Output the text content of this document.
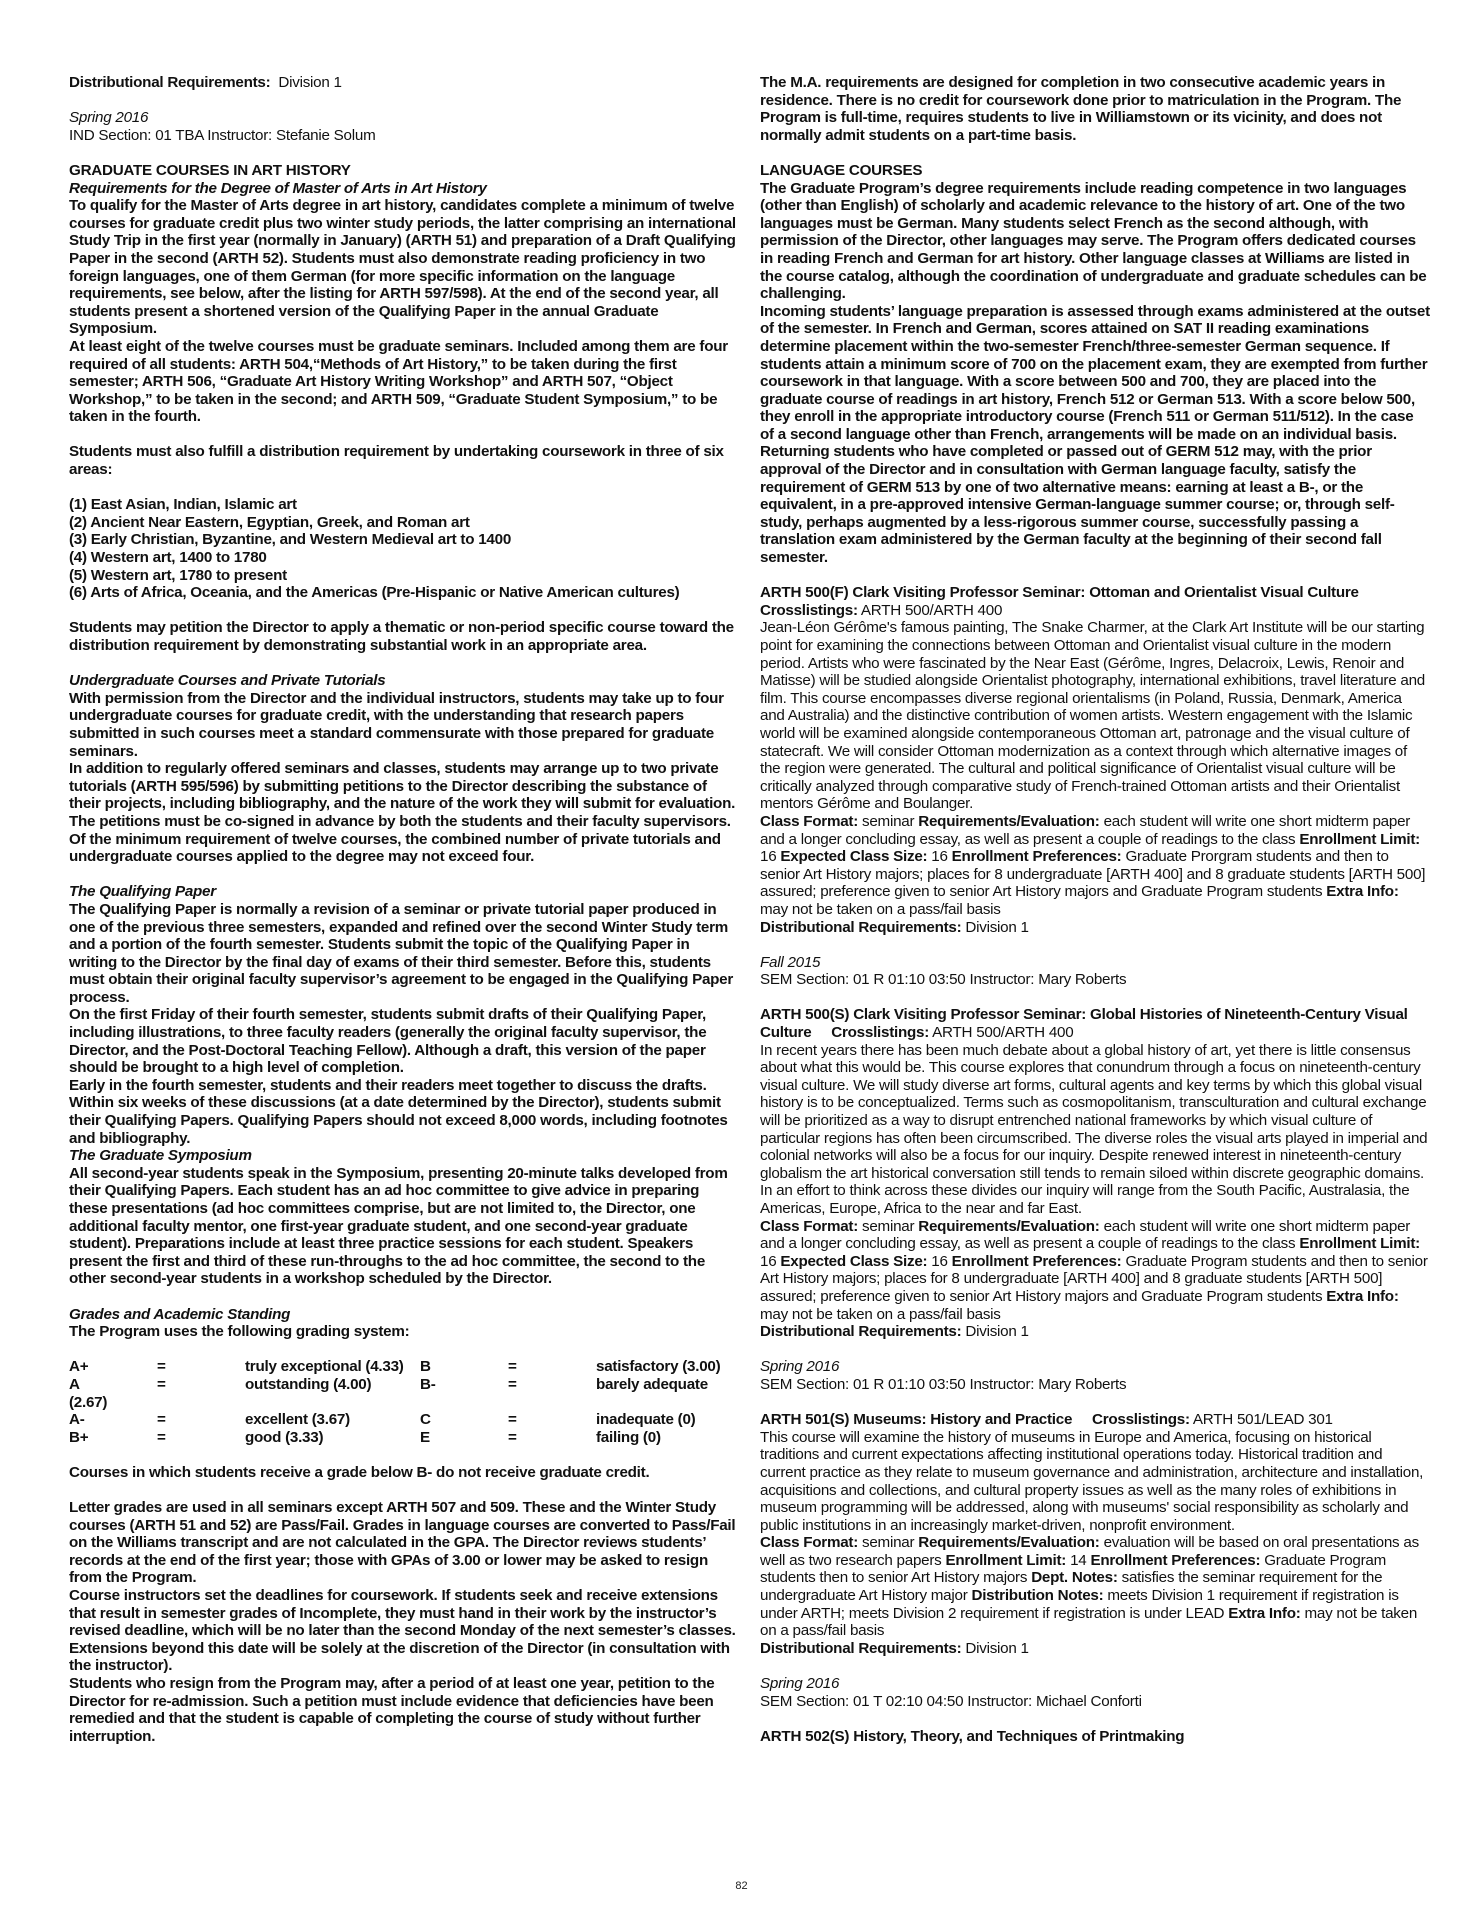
Distributional Requirements: Division 1

Spring 2016

IND Section: 01 TBA Instructor: Stefanie Solum

GRADUATE COURSES IN ART HISTORY

Requirements for the Degree of Master of Arts in Art History

To qualify for the Master of Arts degree in art history, candidates complete a minimum of twelve courses for graduate credit plus two winter study periods, the latter comprising an international Study Trip in the first year (normally in January) (ARTH 51) and preparation of a Draft Qualifying Paper in the second (ARTH 52). Students must also demonstrate reading proficiency in two foreign languages, one of them German (for more specific information on the language requirements, see below, after the listing for ARTH 597/598). At the end of the second year, all students present a shortened version of the Qualifying Paper in the annual Graduate Symposium.

At least eight of the twelve courses must be graduate seminars. Included among them are four required of all students: ARTH 504,“Methods of Art History,” to be taken during the first semester; ARTH 506, “Graduate Art History Writing Workshop” and ARTH 507, “Object Workshop,” to be taken in the second; and ARTH 509, “Graduate Student Symposium,” to be taken in the fourth.

Students must also fulfill a distribution requirement by undertaking coursework in three of six areas:

(1) East Asian, Indian, Islamic art

(2) Ancient Near Eastern, Egyptian, Greek, and Roman art

(3) Early Christian, Byzantine, and Western Medieval art to 1400

(4) Western art, 1400 to 1780

(5) Western art, 1780 to present

(6) Arts of Africa, Oceania, and the Americas (Pre-Hispanic or Native American cultures)

Students may petition the Director to apply a thematic or non-period specific course toward the distribution requirement by demonstrating substantial work in an appropriate area.

Undergraduate Courses and Private Tutorials

With permission from the Director and the individual instructors, students may take up to four undergraduate courses for graduate credit, with the understanding that research papers submitted in such courses meet a standard commensurate with those prepared for graduate seminars.

In addition to regularly offered seminars and classes, students may arrange up to two private tutorials (ARTH 595/596) by submitting petitions to the Director describing the substance of their projects, including bibliography, and the nature of the work they will submit for evaluation. The petitions must be co-signed in advance by both the students and their faculty supervisors.

Of the minimum requirement of twelve courses, the combined number of private tutorials and undergraduate courses applied to the degree may not exceed four.

The Qualifying Paper

The Qualifying Paper is normally a revision of a seminar or private tutorial paper produced in one of the previous three semesters, expanded and refined over the second Winter Study term and a portion of the fourth semester. Students submit the topic of the Qualifying Paper in writing to the Director by the final day of exams of their third semester. Before this, students must obtain their original faculty supervisor’s agreement to be engaged in the Qualifying Paper process.

On the first Friday of their fourth semester, students submit drafts of their Qualifying Paper, including illustrations, to three faculty readers (generally the original faculty supervisor, the Director, and the Post-Doctoral Teaching Fellow). Although a draft, this version of the paper should be brought to a high level of completion.

Early in the fourth semester, students and their readers meet together to discuss the drafts. Within six weeks of these discussions (at a date determined by the Director), students submit their Qualifying Papers. Qualifying Papers should not exceed 8,000 words, including footnotes and bibliography.

The Graduate Symposium

All second-year students speak in the Symposium, presenting 20-minute talks developed from their Qualifying Papers. Each student has an ad hoc committee to give advice in preparing these presentations (ad hoc committees comprise, but are not limited to, the Director, one additional faculty mentor, one first-year graduate student, and one second-year graduate student). Preparations include at least three practice sessions for each student. Speakers present the first and third of these run-throughs to the ad hoc committee, the second to the other second-year students in a workshop scheduled by the Director.

Grades and Academic Standing

The Program uses the following grading system:

A+	=	truly exceptional (4.33)	B	=	satisfactory (3.00)
A	=	outstanding (4.00)	B-	=	barely adequate
(2.67)
A-	=	excellent (3.67)	C	=	inadequate (0)
B+	=	good (3.33)	E	=	failing (0)

Courses in which students receive a grade below B- do not receive graduate credit.

Letter grades are used in all seminars except ARTH 507 and 509. These and the Winter Study courses (ARTH 51 and 52) are Pass/Fail. Grades in language courses are converted to Pass/Fail on the Williams transcript and are not calculated in the GPA. The Director reviews students’ records at the end of the first year; those with GPAs of 3.00 or lower may be asked to resign from the Program.

Course instructors set the deadlines for coursework. If students seek and receive extensions that result in semester grades of Incomplete, they must hand in their work by the instructor’s revised deadline, which will be no later than the second Monday of the next semester’s classes. Extensions beyond this date will be solely at the discretion of the Director (in consultation with the instructor).

Students who resign from the Program may, after a period of at least one year, petition to the Director for re-admission. Such a petition must include evidence that deficiencies have been remedied and that the student is capable of completing the course of study without further interruption.

The M.A. requirements are designed for completion in two consecutive academic years in residence. There is no credit for coursework done prior to matriculation in the Program. The Program is full-time, requires students to live in Williamstown or its vicinity, and does not normally admit students on a part-time basis.

LANGUAGE COURSES

The Graduate Program’s degree requirements include reading competence in two languages (other than English) of scholarly and academic relevance to the history of art. One of the two languages must be German. Many students select French as the second although, with permission of the Director, other languages may serve. The Program offers dedicated courses in reading French and German for art history. Other language classes at Williams are listed in the course catalog, although the coordination of undergraduate and graduate schedules can be challenging.

Incoming students’ language preparation is assessed through exams administered at the outset of the semester. In French and German, scores attained on SAT II reading examinations determine placement within the two-semester French/three-semester German sequence. If students attain a minimum score of 700 on the placement exam, they are exempted from further coursework in that language. With a score between 500 and 700, they are placed into the graduate course of readings in art history, French 512 or German 513. With a score below 500, they enroll in the appropriate introductory course (French 511 or German 511/512). In the case of a second language other than French, arrangements will be made on an individual basis.

Returning students who have completed or passed out of GERM 512 may, with the prior approval of the Director and in consultation with German language faculty, satisfy the requirement of GERM 513 by one of two alternative means: earning at least a B-, or the equivalent, in a pre-approved intensive German-language summer course; or, through self-study, perhaps augmented by a less-rigorous summer course, successfully passing a translation exam administered by the German faculty at the beginning of their second fall semester.

ARTH 500(F) Clark Visiting Professor Seminar: Ottoman and Orientalist Visual Culture

Crosslistings: ARTH 500/ARTH 400

Jean-Léon Gérôme's famous painting, The Snake Charmer, at the Clark Art Institute will be our starting point for examining the connections between Ottoman and Orientalist visual culture in the modern period. Artists who were fascinated by the Near East (Gérôme, Ingres, Delacroix, Lewis, Renoir and Matisse) will be studied alongside Orientalist photography, international exhibitions, travel literature and film. This course encompasses diverse regional orientalisms (in Poland, Russia, Denmark, America and Australia) and the distinctive contribution of women artists. Western engagement with the Islamic world will be examined alongside contemporaneous Ottoman art, patronage and the visual culture of statecraft. We will consider Ottoman modernization as a context through which alternative images of the region were generated. The cultural and political significance of Orientalist visual culture will be critically analyzed through comparative study of French-trained Ottoman artists and their Orientalist mentors Gérôme and Boulanger.

Class Format: seminar Requirements/Evaluation: each student will write one short midterm paper and a longer concluding essay, as well as present a couple of readings to the class Enrollment Limit: 16 Expected Class Size: 16 Enrollment Preferences: Graduate Prorgram students and then to senior Art History majors; places for 8 undergraduate [ARTH 400] and 8 graduate students [ARTH 500] assured; preference given to senior Art History majors and Graduate Program students Extra Info: may not be taken on a pass/fail basis

Distributional Requirements: Division 1

Fall 2015

SEM Section: 01 R 01:10 03:50 Instructor: Mary Roberts

ARTH 500(S) Clark Visiting Professor Seminar: Global Histories of Nineteenth-Century Visual Culture Crosslistings: ARTH 500/ARTH 400

In recent years there has been much debate about a global history of art, yet there is little consensus about what this would be. This course explores that conundrum through a focus on nineteenth-century visual culture. We will study diverse art forms, cultural agents and key terms by which this global visual history is to be conceptualized. Terms such as cosmopolitanism, transculturation and cultural exchange will be prioritized as a way to disrupt entrenched national frameworks by which visual culture of particular regions has often been circumscribed. The diverse roles the visual arts played in imperial and colonial networks will also be a focus for our inquiry. Despite renewed interest in nineteenth-century globalism the art historical conversation still tends to remain siloed within discrete geographic domains. In an effort to think across these divides our inquiry will range from the South Pacific, Australasia, the Americas, Europe, Africa to the near and far East.

Class Format: seminar Requirements/Evaluation: each student will write one short midterm paper and a longer concluding essay, as well as present a couple of readings to the class Enrollment Limit: 16 Expected Class Size: 16 Enrollment Preferences: Graduate Program students and then to senior Art History majors; places for 8 undergraduate [ARTH 400] and 8 graduate students [ARTH 500] assured; preference given to senior Art History majors and Graduate Program students Extra Info: may not be taken on a pass/fail basis

Distributional Requirements: Division 1

Spring 2016

SEM Section: 01 R 01:10 03:50 Instructor: Mary Roberts

ARTH 501(S) Museums: History and Practice     Crosslistings: ARTH 501/LEAD 301

This course will examine the history of museums in Europe and America, focusing on historical traditions and current expectations affecting institutional operations today. Historical tradition and current practice as they relate to museum governance and administration, architecture and installation, acquisitions and collections, and cultural property issues as well as the many roles of exhibitions in museum programming will be addressed, along with museums' social responsibility as scholarly and public institutions in an increasingly market-driven, nonprofit environment.

Class Format: seminar Requirements/Evaluation: evaluation will be based on oral presentations as well as two research papers Enrollment Limit: 14 Enrollment Preferences: Graduate Program students then to senior Art History majors Dept. Notes: satisfies the seminar requirement for the undergraduate Art History major Distribution Notes: meets Division 1 requirement if registration is under ARTH; meets Division 2 requirement if registration is under LEAD Extra Info: may not be taken on a pass/fail basis

Distributional Requirements: Division 1

Spring 2016

SEM Section: 01 T 02:10 04:50 Instructor: Michael Conforti

ARTH 502(S) History, Theory, and Techniques of Printmaking

82
